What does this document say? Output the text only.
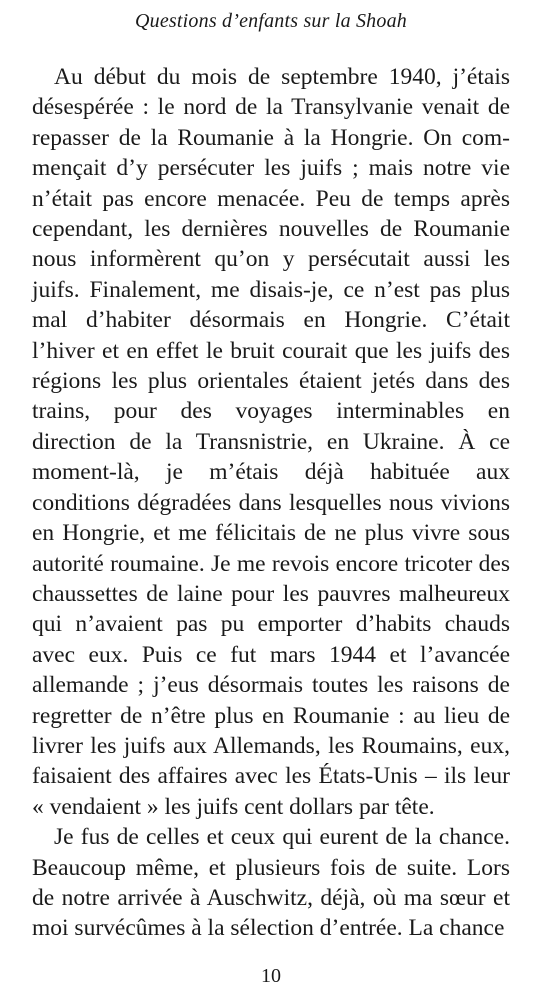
Questions d’enfants sur la Shoah

Au début du mois de septembre 1940, j’étais désespérée : le nord de la Transylvanie venait de repasser de la Roumanie à la Hongrie. On commençait d’y persécuter les juifs ; mais notre vie n’était pas encore menacée. Peu de temps après cependant, les dernières nouvelles de Roumanie nous informèrent qu’on y persécutait aussi les juifs. Finalement, me disais-je, ce n’est pas plus mal d’habiter désormais en Hongrie. C’était l’hiver et en effet le bruit courait que les juifs des régions les plus orientales étaient jetés dans des trains, pour des voyages interminables en direction de la Transnistrie, en Ukraine. À ce moment-là, je m’étais déjà habituée aux conditions dégradées dans lesquelles nous vivions en Hongrie, et me félicitais de ne plus vivre sous autorité roumaine. Je me revois encore tricoter des chaussettes de laine pour les pauvres malheureux qui n’avaient pas pu emporter d’habits chauds avec eux. Puis ce fut mars 1944 et l’avancée allemande ; j’eus désormais toutes les raisons de regretter de n’être plus en Roumanie : au lieu de livrer les juifs aux Allemands, les Roumains, eux, faisaient des affaires avec les États-Unis – ils leur « vendaient » les juifs cent dollars par tête.

Je fus de celles et ceux qui eurent de la chance. Beaucoup même, et plusieurs fois de suite. Lors de notre arrivée à Auschwitz, déjà, où ma sœur et moi survécûmes à la sélection d’entrée. La chance

10
